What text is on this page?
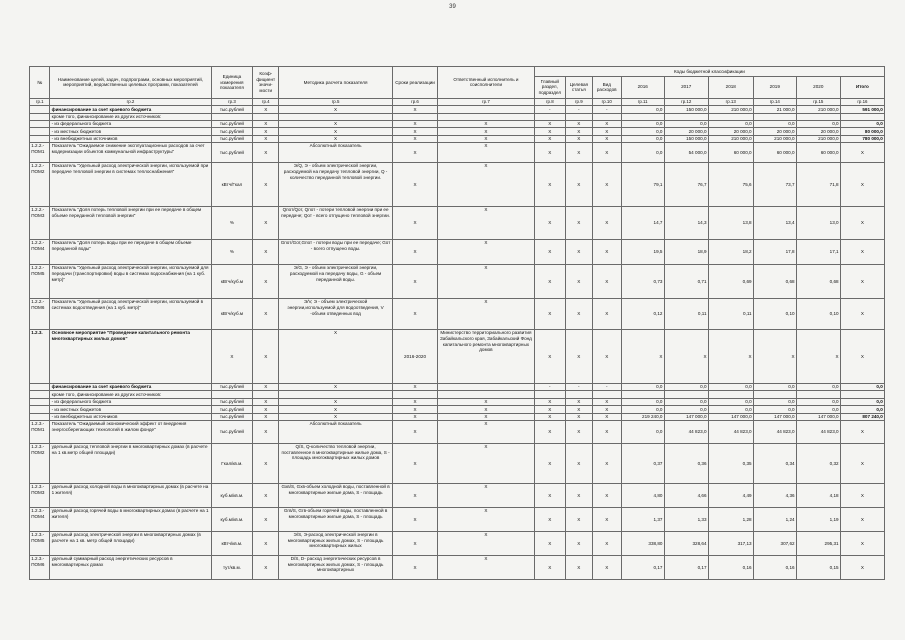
39
№	Наименование целей, задач, подпрограмм, основных мероприятий, мероприятий, ведомственных целевых программ, показателей	Единица измерения показателя	Коэф-фициент значи-мости	Методика расчета показателя	Сроки реализации	Ответственный исполнитель и соисполнители	Коды бюджетной классификации								
							Главный раздел, подраздел	Целевая статья	Вид расходов	2016	2017	2018	2019	2020	Итого
гр.1	гр.2	гр.3	гр.4	гр.5	гр.6	гр.7	гр.8	гр.9	гр.10	гр.11	гр.12	гр.13	гр.14	гр.15	гр.16
	финансирование за счет краевого бюджета	тыс.рублей	Х	Х	Х		-	-	-	0,0	150 000,0	210 000,0	21 000,0	210 000,0	591 000,0
	кроме того, финансирование из других источников:														
	- из федерального бюджета	тыс.рублей	Х	Х	Х	Х	Х	Х	Х	0,0	0,0	0,0	0,0	0,0	0,0
	- из местных бюджетов	тыс.рублей	Х	Х	Х	Х	Х	Х	Х	0,0	20 000,0	20 000,0	20 000,0	20 000,0	80 000,0
	- из внебюджетных источников	тыс.рублей	Х	Х	Х	Х	Х	Х	Х	0,0	150 000,0	210 000,0	210 000,0	210 000,0	780 000,0
1.2.2.-ПОМ1	Показатель "Ожидаемое снижение эксплуатационных расходов за счет модернизации объектов коммунальной инфраструктуры"	тыс.рублей	Х	Абсолютный показатель	Х	Х	Х	Х	Х	0,0	54 000,0	60 000,0	60 000,0	60 000,0	Х
1.2.2.-ПОМ2	Показатель "Удельный расход электрической энергии, используемой при передаче тепловой энергии в системах теплоснабжения"	кВтч/Гкал	Х	Э/Q, Э - объем электрической энергии, расходуемой на передачу тепловой энергии, Q - количество переданной тепловой энергии.	Х	Х	Х	Х	Х	79,1	76,7	75,6	73,7	71,8	Х
1.2.2.-ПОМ3	Показатель "Доля потерь тепловой энергии при ее передаче в общем объеме переданной тепловой энергии"	%	Х	Qпот/Qот, Qпот - потери тепловой энергии при ее передаче; Qот - всего отпущено тепловой энергии.	Х	Х	Х	Х	Х	14,7	14,3	13,8	13,4	13,0	Х
1.2.2.-ПОМ4	Показатель "Доля потерь воды при ее передаче в общем объеме переданной воды"	%	Х	Gпот/Gот,Gпот - потери воды при ее передаче; Gот - всего отпущено воды.	Х	Х	Х	Х	Х	19,5	18,9	18,2	17,8	17,1	Х
1.2.2.-ПОМ5	Показатель "Удельный расход электрической энергии, используемой для передачи (транспортировки) воды в системах водоснабжения (на 1 куб. метр)"	кВтч/куб.м	Х	Э/G, Э - объем электрической энергии, расходуемой на передачу воды, G - объем переданной воды.	Х	Х	Х	Х	Х	0,73	0,71	0,69	0,68	0,68	Х
1.2.2.-ПОМ6	Показатель "Удельный расход электрической энергии, используемой в системах водоотведения (на 1 куб. метр)"	кВтч/куб.м	Х	Э/V, Э - объем электрической энергии,используемой для водоотведения, V -объем отведенных вод	Х	Х	Х	Х	Х	0,12	0,11	0,11	0,10	0,10	Х
1.2.3.	Основное мероприятие "Проведение капитального ремонта многоквартирных жилых домов"	Х	Х	Х	2016-2020	Министерство территориального развития Забайкальского края, Забайкальский Фонд капитального ремонта многоквартирных домов	Х	Х	Х	Х	Х	Х	Х	Х	Х
	финансирование за счет краевого бюджета	тыс.рублей	Х	Х	Х		-	-	-	0,0	0,0	0,0	0,0	0,0	0,0
	кроме того, финансирование из других источников:														
	- из федерального бюджета	тыс.рублей	Х	Х	Х	Х	Х	Х	Х	0,0	0,0	0,0	0,0	0,0	0,0
	- из местных бюджетов	тыс.рублей	Х	Х	Х	Х	Х	Х	Х	0,0	0,0	0,0	0,0	0,0	0,0
	- из внебюджетных источников	тыс.рублей	Х	Х	Х	Х	Х	Х	Х	219 240,0	147 000,0	147 000,0	147 000,0	147 000,0	807 240,0
1.2.3.-ПОМ1	Показатель "Ожидаемый экономический эффект от внедрения энергосберегающих технологий в жилом фонде"	тыс.рублей	Х	Абсолютный показатель	Х	Х	Х	Х	Х	0,0	44 823,0	44 823,0	44 823,0	44 823,0	Х
1.2.3.-ПОМ2	удельный расход тепловой энергии в многоквартирных домах (в расчете на 1 кв.метр общей площади)	Гкал/кв.м.	Х	Q/S, Q-количество тепловой энергии, поставленное в многоквартирные жилые дома, S - площадь многоквартирных жилых домов	Х	Х	Х	Х	Х	0,37	0,36	0,35	0,34	0,32	Х
1.2.3.-ПОМ3	удельный расход холодной воды в многоквартирных домах (в расчете на 1 жителя)	куб.м/кв.м.	Х	Gхв/S, Gхв-объем холодной воды, поставленной в многоквартирные жилые дома, S - площадь	Х	Х	Х	Х	Х	4,80	4,66	4,49	4,36	4,18	Х
1.2.3.-ПОМ4	удельный расход горячей воды в многоквартирных домах (в расчете на 1 жителя)	куб.м/кв.м.	Х	Gгв/S, Gгв-объем горячей воды, поставленной в многоквартирные жилые дома, S - площадь	Х	Х	Х	Х	Х	1,37	1,33	1,28	1,24	1,19	Х
1.2.3.-ПОМ5	удельный расход электрической энергии в многоквартирных домах (в расчете на 1 кв. метр общей площади)	кВтч/кв.м.	Х	Э/S, Э-расход электрической энергии в многоквартирных жилых домах, S - площадь многоквартирных жилых	Х	Х	Х	Х	Х	338,80	328,64	317,13	307,62	295,31	Х
1.2.3.-ПОМ6	удельный суммарный расход энергетических ресурсов в многоквартирных домах	тут/кв.м.	Х	D/S, D- расход энергетических ресурсов в многоквартирных жилых домах, S - площадь многоквартирных	Х	Х	Х	Х	Х	0,17	0,17	0,16	0,16	0,15	Х
